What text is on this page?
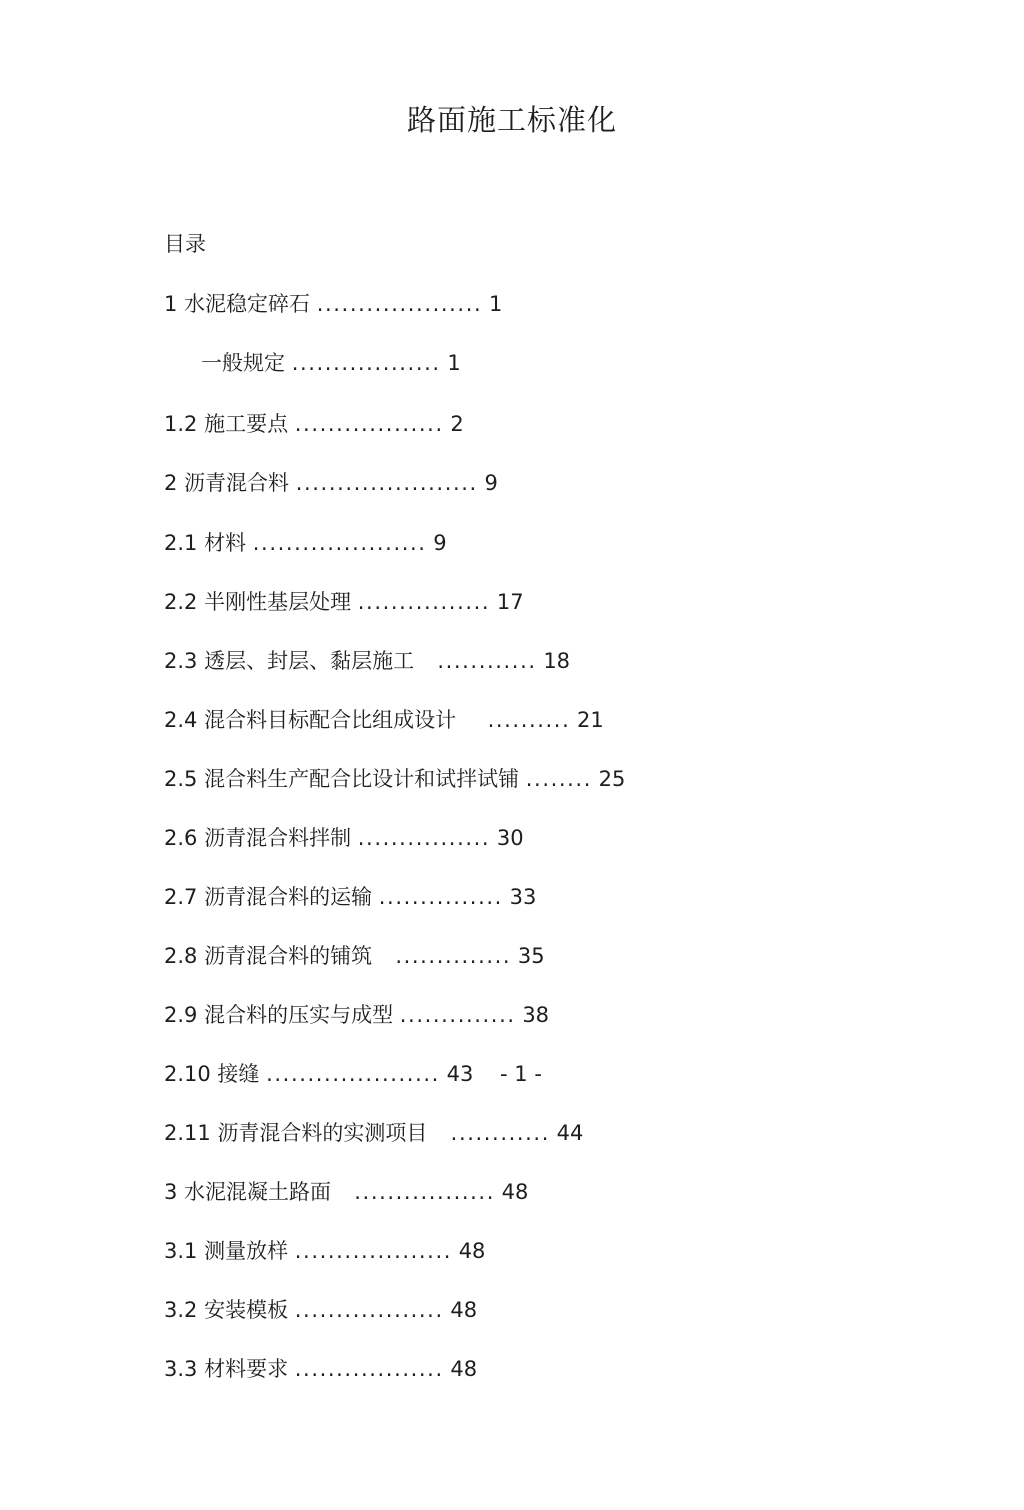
路面施工标准化
目录
1 水泥稳定碎石 .................... 1
一般规定 .................. 1
1.2 施工要点 .................. 2
2 沥青混合料 ...................... 9
2.1 材料 ..................... 9
2.2 半刚性基层处理 ................ 17
2.3 透层、封层、黏层施工   ............ 18
2.4 混合料目标配合比组成设计    .......... 21
2.5 混合料生产配合比设计和试拌试铺 ........ 25
2.6 沥青混合料拌制 ................ 30
2.7 沥青混合料的运输 ............... 33
2.8 沥青混合料的铺筑   .............. 35
2.9 混合料的压实与成型 .............. 38
2.10 接缝 ..................... 43    - 1 -
2.11 沥青混合料的实测项目   ............ 44
3 水泥混凝土路面   ................. 48
3.1 测量放样 ................... 48
3.2 安装模板 .................. 48
3.3 材料要求 .................. 48
